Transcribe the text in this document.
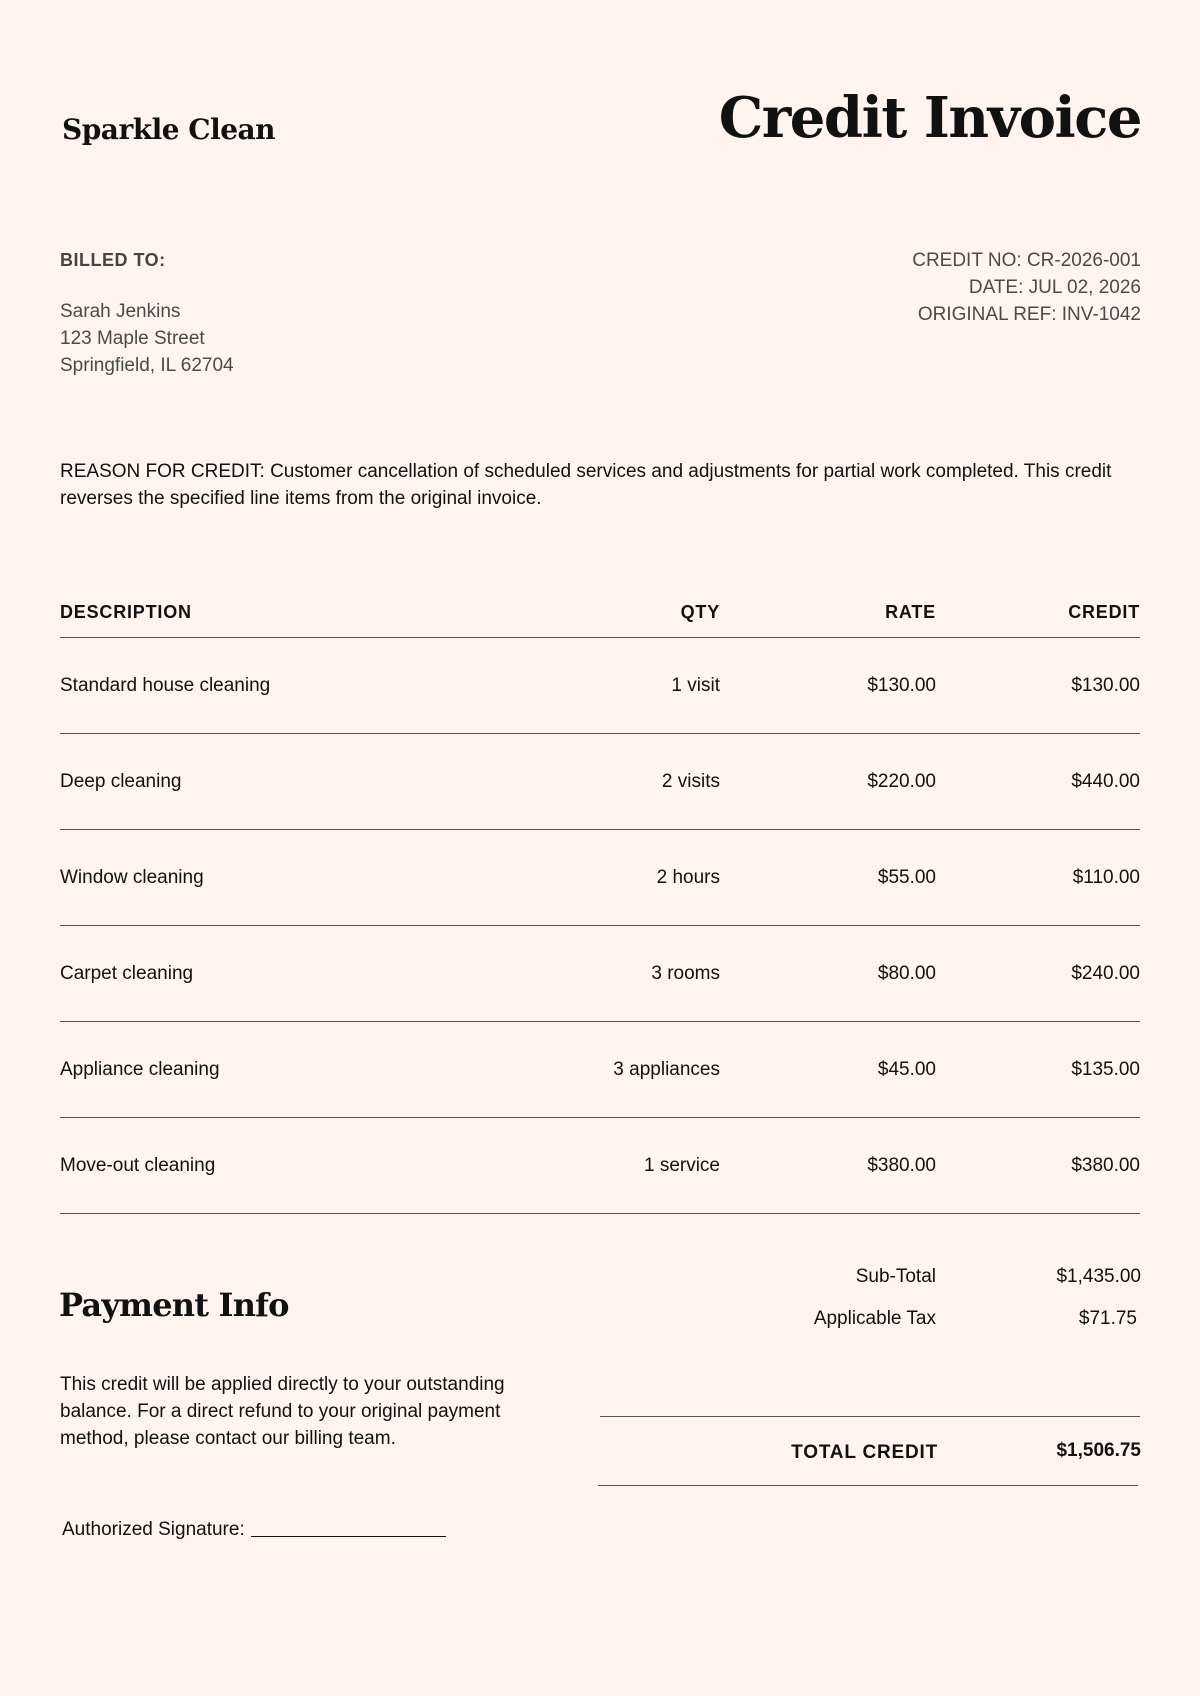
Sparkle Clean	Credit Invoice
BILLED TO:
Sarah Jenkins
123 Maple Street
Springfield, IL 62704
CREDIT NO: CR-2026-001
DATE: JUL 02, 2026
ORIGINAL REF: INV-1042
REASON FOR CREDIT: Customer cancellation of scheduled services and adjustments for partial work completed. This credit reverses the specified line items from the original invoice.
DESCRIPTION	QTY	RATE	CREDIT
Standard house cleaning	1 visit	$130.00	$130.00
Deep cleaning	2 visits	$220.00	$440.00
Window cleaning	2 hours	$55.00	$110.00
Carpet cleaning	3 rooms	$80.00	$240.00
Appliance cleaning	3 appliances	$45.00	$135.00
Move-out cleaning	1 service	$380.00	$380.00
Payment Info
This credit will be applied directly to your outstanding balance. For a direct refund to your original payment method, please contact our billing team.
Authorized Signature:
Sub-Total	$1,435.00
Applicable Tax	$71.75
TOTAL CREDIT	$1,506.75
